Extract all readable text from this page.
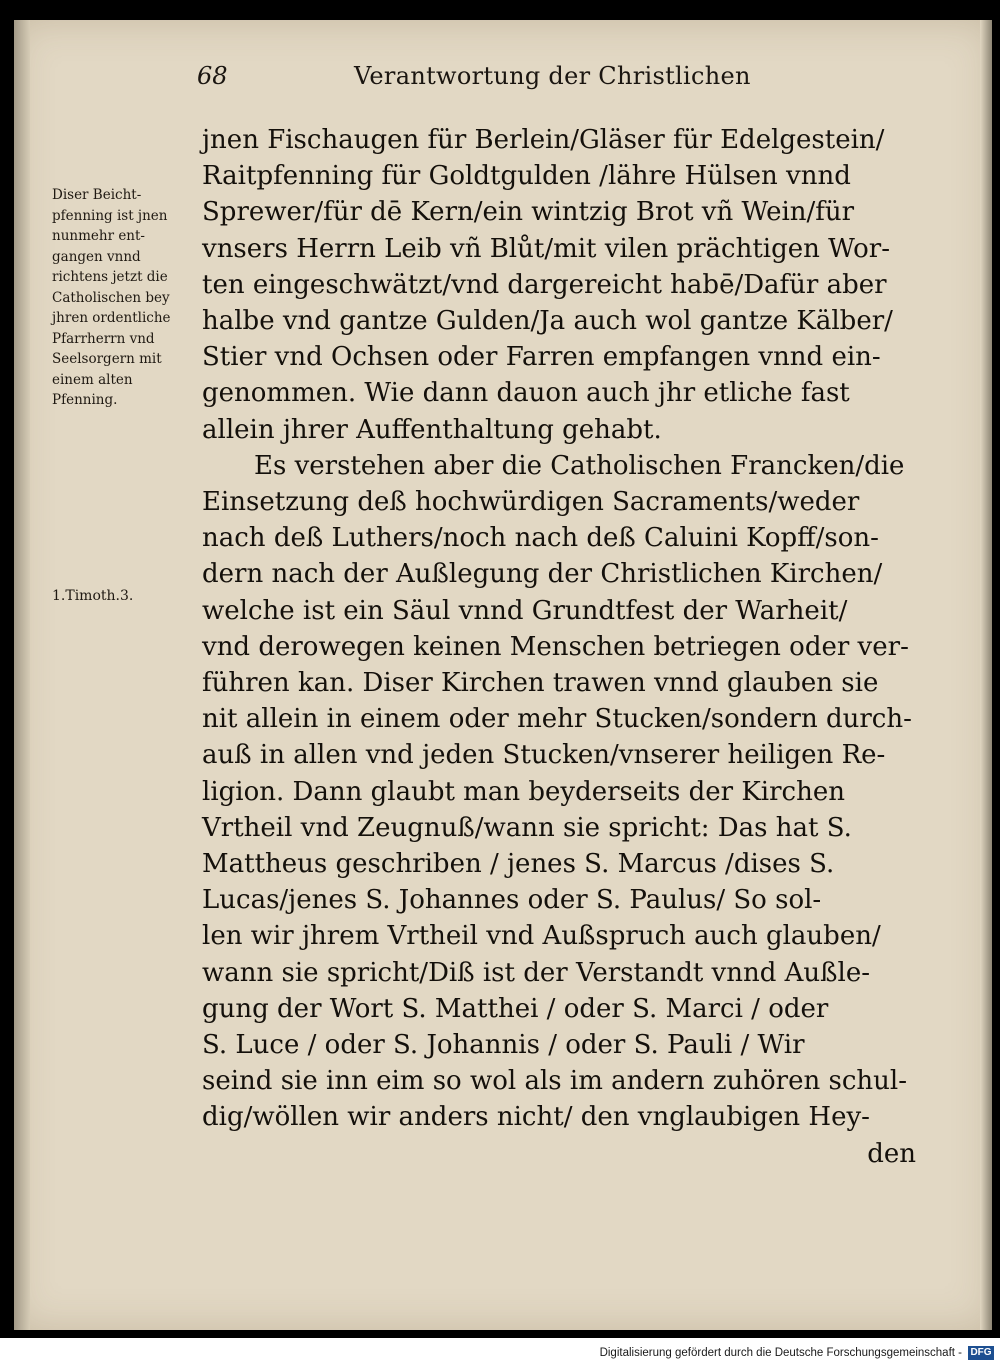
68	Verantwortung der Christlichen
Diser Beicht-
pfenning ist jnen
nunmehr ent-
gangen vnnd
richtens jetzt die
Catholischen bey
jhren ordentliche
Pfarrherrn vnd
Seelsorgern mit
einem alten
Pfenning.
1.Timoth.3.
jnen Fischaugen für Berlein/Gläser für Edelgestein/
Raitpfenning für Goldtgulden /lähre Hülsen vnnd
Sprewer/für dē Kern/ein wintzig Brot vñ Wein/für
vnsers Herrn Leib vñ Blůt/mit vilen prächtigen Wor-
ten eingeschwätzt/vnd dargereicht habē/Dafür aber
halbe vnd gantze Gulden/Ja auch wol gantze Kälber/
Stier vnd Ochsen oder Farren empfangen vnnd ein-
genommen. Wie dann dauon auch jhr etliche fast
allein jhrer Auffenthaltung gehabt.
Es verstehen aber die Catholischen Francken/die
Einsetzung deß hochwürdigen Sacraments/weder
nach deß Luthers/noch nach deß Caluini Kopff/son-
dern nach der Außlegung der Christlichen Kirchen/
welche ist ein Säul vnnd Grundtfest der Warheit/
vnd derowegen keinen Menschen betriegen oder ver-
führen kan. Diser Kirchen trawen vnnd glauben sie
nit allein in einem oder mehr Stucken/sondern durch-
auß in allen vnd jeden Stucken/vnserer heiligen Re-
ligion. Dann glaubt man beyderseits der Kirchen
Vrtheil vnd Zeugnuß/wann sie spricht: Das hat S.
Mattheus geschriben / jenes S. Marcus /dises S.
Lucas/jenes S. Johannes oder S. Paulus/ So sol-
len wir jhrem Vrtheil vnd Außspruch auch glauben/
wann sie spricht/Diß ist der Verstandt vnnd Außle-
gung der Wort S. Matthei / oder S. Marci / oder
S. Luce / oder S. Johannis / oder S. Pauli / Wir
seind sie inn eim so wol als im andern zuhören schul-
dig/wöllen wir anders nicht/ den vnglaubigen Hey-
den
Digitalisierung gefördert durch die Deutsche Forschungsgemeinschaft - DFG
